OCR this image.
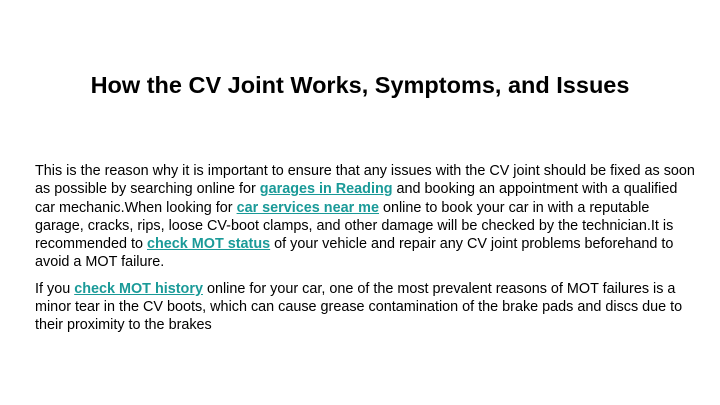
How the CV Joint Works, Symptoms, and Issues

This is the reason why it is important to ensure that any issues with the CV joint should be fixed as soon as possible by searching online for garages in Reading and booking an appointment with a qualified car mechanic.When looking for car services near me online to book your car in with a reputable garage, cracks, rips, loose CV-boot clamps, and other damage will be checked by the technician.It is recommended to check MOT status of your vehicle and repair any CV joint problems beforehand to avoid a MOT failure.

If you check MOT history online for your car, one of the most prevalent reasons of MOT failures is a minor tear in the CV boots, which can cause grease contamination of the brake pads and discs due to their proximity to the brakes
